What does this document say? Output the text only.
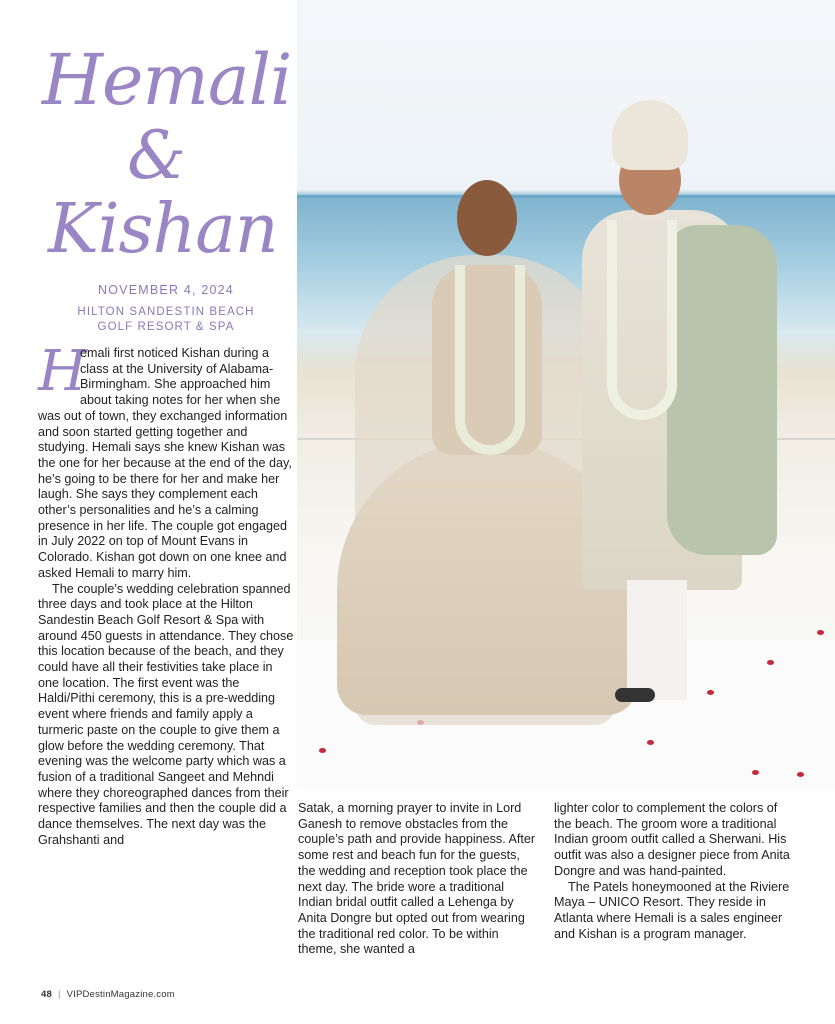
Hemali
&
Kishan
NOVEMBER 4, 2024
HILTON SANDESTIN BEACH
GOLF RESORT & SPA

H
emali first noticed Kishan during a class at the University of Alabama-Birmingham. She approached him about taking notes for her when she was out of town, they exchanged information and soon started getting together and studying. Hemali says she knew Kishan was the one for her because at the end of the day, he’s going to be there for her and make her laugh. She says they complement each other’s personalities and he’s a calming presence in her life. The couple got engaged in July 2022 on top of Mount Evans in Colorado. Kishan got down on one knee and asked Hemali to marry him.

The couple’s wedding celebration spanned three days and took place at the Hilton Sandestin Beach Golf Resort & Spa with around 450 guests in attendance. They chose this location because of the beach, and they could have all their festivities take place in one location. The first event was the Haldi/Pithi ceremony, this is a pre-wedding event where friends and family apply a turmeric paste on the couple to give them a glow before the wedding ceremony. That evening was the welcome party which was a fusion of a traditional Sangeet and Mehndi where they choreographed dances from their respective families and then the couple did a dance themselves. The next day was the Grahshanti and

Satak, a morning prayer to invite in Lord Ganesh to remove obstacles from the couple’s path and provide happiness. After some rest and beach fun for the guests, the wedding and reception took place the next day. The bride wore a traditional Indian bridal outfit called a Lehenga by Anita Dongre but opted out from wearing the traditional red color. To be within theme, she wanted a

lighter color to complement the colors of the beach. The groom wore a traditional Indian groom outfit called a Sherwani. His outfit was also a designer piece from Anita Dongre and was hand-painted.

The Patels honeymooned at the Riviere Maya – UNICO Resort. They reside in Atlanta where Hemali is a sales engineer and Kishan is a program manager.

48 | VIPDestinMagazine.com
